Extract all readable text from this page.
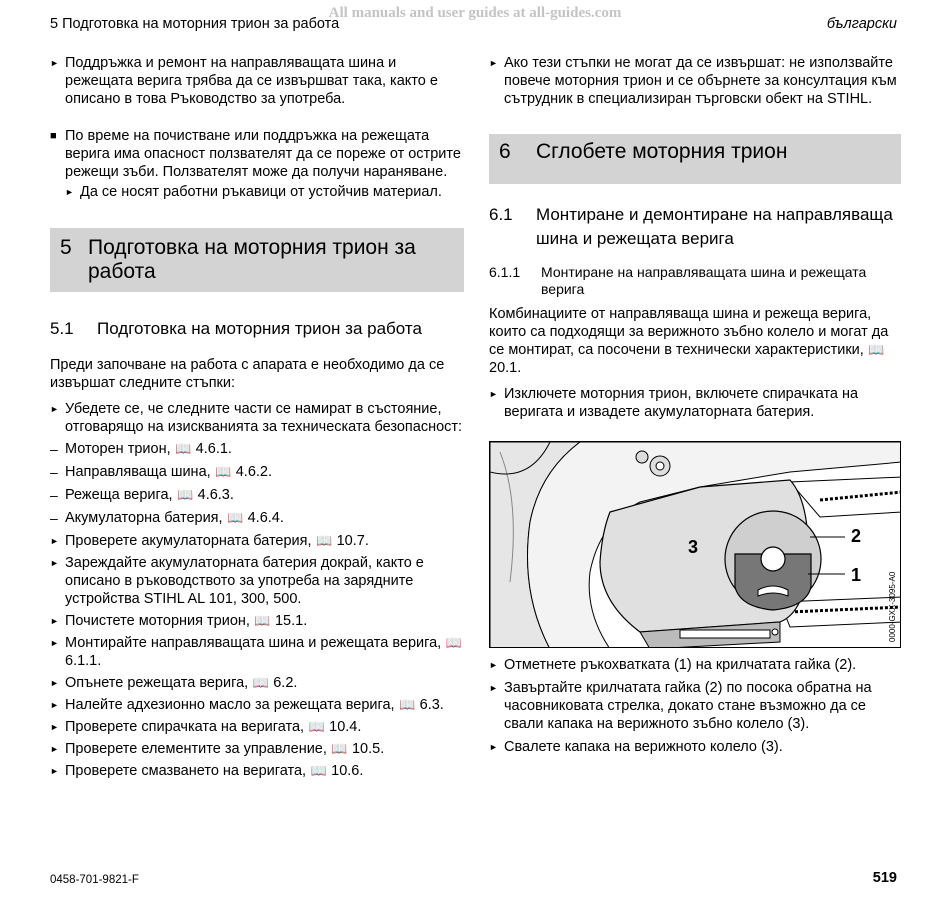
All manuals and user guides at all-guides.com
5 Подготовка на моторния трион за работа	български
► Поддръжка и ремонт на направляващата шина и режещата верига трябва да се извършват така, както е описано в това Ръководство за употреба.
■ По време на почистване или поддръжка на режещата верига има опасност ползвателят да се пореже от острите режещи зъби. Ползвателят може да получи нараняване.
► Да се носят работни ръкавици от устойчив материал.
5 Подготовка на моторния трион за работа
5.1	Подготовка на моторния трион за работа
Преди започване на работа с апарата е необходимо да се извършат следните стъпки:
► Убедете се, че следните части се намират в състояние, отговарящо на изискванията за техническата безопасност:
– Моторен трион, 📖 4.6.1.
– Направляваща шина, 📖 4.6.2.
– Режеща верига, 📖 4.6.3.
– Акумулаторна батерия, 📖 4.6.4.
► Проверете акумулаторната батерия, 📖 10.7.
► Зареждайте акумулаторната батерия докрай, както е описано в ръководството за употреба на зарядните устройства STIHL AL 101, 300, 500.
► Почистете моторния трион, 📖 15.1.
► Монтирайте направляващата шина и режещата верига, 📖 6.1.1.
► Опънете режещата верига, 📖 6.2.
► Налейте адхезионно масло за режещата верига, 📖 6.3.
► Проверете спирачката на веригата, 📖 10.4.
► Проверете елементите за управление, 📖 10.5.
► Проверете смазването на веригата, 📖 10.6.
► Ако тези стъпки не могат да се извършат: не използвайте повече моторния трион и се обърнете за консултация към сътрудник в специализиран търговски обект на STIHL.
6	Сглобете моторния трион
6.1	Монтиране и демонтиране на направляваща шина и режещата верига
6.1.1	Монтиране на направляващата шина и режещата верига
Комбинациите от направляваща шина и режеща верига, които са подходящи за верижното зъбно колело и могат да се монтират, са посочени в технически характеристики, 📖 20.1.
► Изключете моторния трион, включете спирачката на веригата и извадете акумулаторната батерия.
3
2
1	0000-GXX-3095-A0
► Отметнете ръкохватката (1) на крилчатата гайка (2).
► Завъртайте крилчатата гайка (2) по посока обратна на часовниковата стрелка, докато стане възможно да се свали капака на верижното зъбно колело (3).
► Свалете капака на верижното колело (3).
0458-701-9821-F	519
